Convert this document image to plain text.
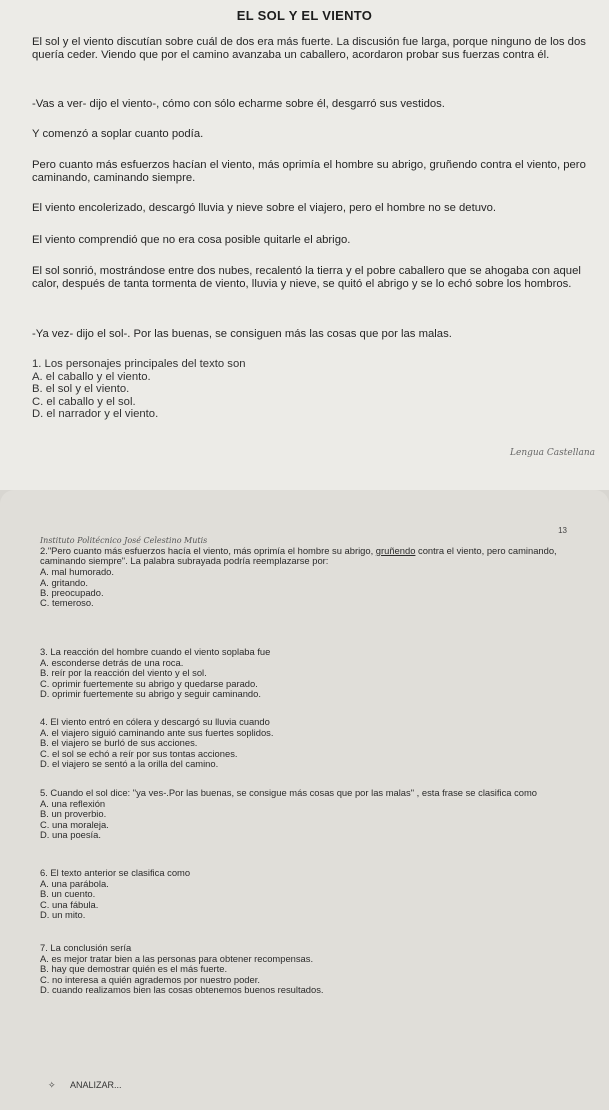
EL SOL Y EL VIENTO

El sol y el viento discutían sobre cuál de dos era más fuerte. La discusión fue larga, porque ninguno de los dos quería ceder. Viendo que por el camino avanzaba un caballero, acordaron probar sus fuerzas contra él.

-Vas a ver- dijo el viento-, cómo con sólo echarme sobre él, desgarró sus vestidos.

Y comenzó a soplar cuanto podía.

Pero cuanto más esfuerzos hacían el viento, más oprimía el hombre su abrigo, gruñendo contra el viento, pero caminando, caminando siempre.

El viento encolerizado, descargó lluvia y nieve sobre el viajero, pero el hombre no se detuvo.

El viento comprendió que no era cosa posible quitarle el abrigo.

El sol sonrió, mostrándose entre dos nubes, recalentó la tierra y el pobre caballero que se ahogaba con aquel calor, después de tanta tormenta de viento, lluvia y nieve, se quitó el abrigo y se lo echó sobre los hombros.

-Ya vez- dijo el sol-. Por las buenas, se consiguen más las cosas que por las malas.

1. Los personajes principales del texto son

A. el caballo y el viento.

B. el sol y el viento.

C. el caballo y el sol.

D. el narrador y el viento.

Lengua Castellana
Instituto Politécnico José Celestino Mutis
13

2."Pero cuanto más esfuerzos hacía el viento, más oprimía el hombre su abrigo, gruñendo contra el viento, pero caminando, caminando siempre". La palabra subrayada podría reemplazarse por:

A. mal humorado.

A. gritando.

B. preocupado.

C. temeroso.

3. La reacción del hombre cuando el viento soplaba fue

A. esconderse detrás de una roca.

B. reír por la reacción del viento y el sol.

C. oprimir fuertemente su abrigo y quedarse parado.

D. oprimir fuertemente su abrigo y seguir caminando.

4. El viento entró en cólera y descargó su lluvia cuando

A. el viajero siguió caminando ante sus fuertes soplidos.

B. el viajero se burló de sus acciones.

C. el sol se echó a reír por sus tontas acciones.

D. el viajero se sentó a la orilla del camino.

5. Cuando el sol dice: "ya ves-.Por las buenas, se consigue más cosas que por las malas" , esta frase se clasifica como

A. una reflexión

B. un proverbio.

C. una moraleja.

D. una poesía.

6. El texto anterior se clasifica como

A. una parábola.

B. un cuento.

C. una fábula.

D. un mito.

7. La conclusión sería

A. es mejor tratar bien a las personas para obtener recompensas.

B. hay que demostrar quién es el más fuerte.

C. no interesa a quién agrademos por nuestro poder.

D. cuando realizamos bien las cosas obtenemos buenos resultados.

✧ ANALIZAR...
